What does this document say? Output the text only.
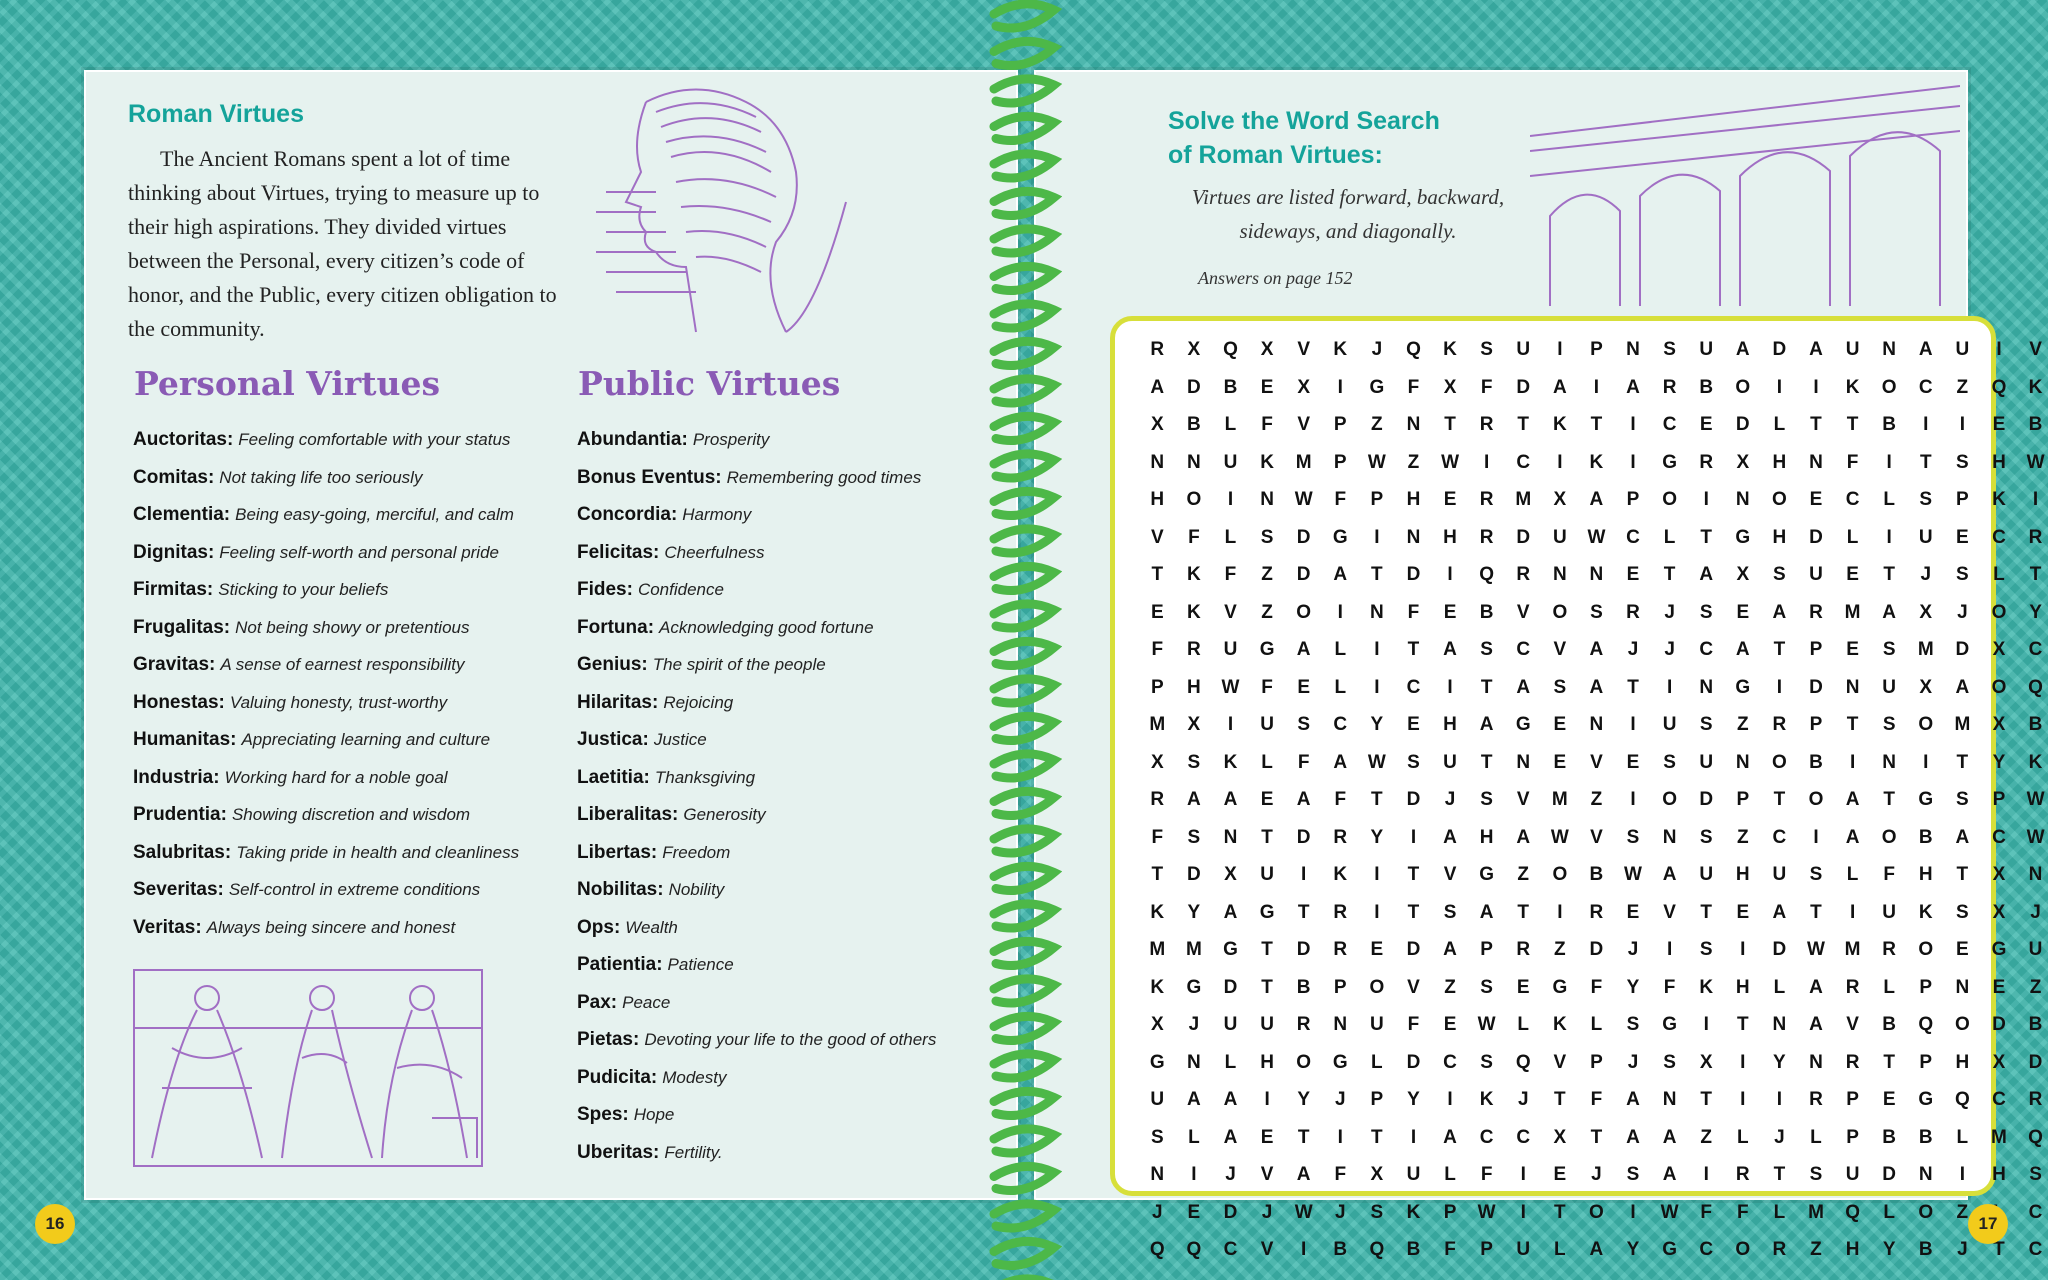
Roman Virtues

The Ancient Romans spent a lot of time thinking about Virtues, trying to measure up to their high aspirations. They divided virtues between the Personal, every citizen’s code of honor, and the Public, every citizen obligation to the community.

Personal Virtues
Auctoritas: Feeling comfortable with your status
Comitas: Not taking life too seriously
Clementia: Being easy-going, merciful, and calm
Dignitas: Feeling self-worth and personal pride
Firmitas: Sticking to your beliefs
Frugalitas: Not being showy or pretentious
Gravitas: A sense of earnest responsibility
Honestas: Valuing honesty, trust-worthy
Humanitas: Appreciating learning and culture
Industria: Working hard for a noble goal
Prudentia: Showing discretion and wisdom
Salubritas: Taking pride in health and cleanliness
Severitas: Self-control in extreme conditions
Veritas: Always being sincere and honest
Public Virtues
Abundantia: Prosperity
Bonus Eventus: Remembering good times
Concordia: Harmony
Felicitas: Cheerfulness
Fides: Confidence
Fortuna: Acknowledging good fortune
Genius: The spirit of the people
Hilaritas: Rejoicing
Justica: Justice
Laetitia: Thanksgiving
Liberalitas: Generosity
Libertas: Freedom
Nobilitas: Nobility
Ops: Wealth
Patientia: Patience
Pax: Peace
Pietas: Devoting your life to the good of others
Pudicita: Modesty
Spes: Hope
Uberitas: Fertility.
16
Solve the Word Search
of Roman Virtues:

Virtues are listed forward, backward, sideways, and diagonally.

Answers on page 152

R	X	Q	X	V	K	J	Q	K	S	U	I	P	N	S	U	A	D	A	U	N	A	U	I	V
A	D	B	E	X	I	G	F	X	F	D	A	I	A	R	B	O	I	I	K	O	C	Z	Q	K
X	B	L	F	V	P	Z	N	T	R	T	K	T	I	C	E	D	L	T	T	B	I	I	E	B
N	N	U	K	M	P	W	Z	W	I	C	I	K	I	G	R	X	H	N	F	I	T	S	H	W
H	O	I	N	W	F	P	H	E	R	M	X	A	P	O	I	N	O	E	C	L	S	P	K	I
V	F	L	S	D	G	I	N	H	R	D	U	W	C	L	T	G	H	D	L	I	U	E	C	R
T	K	F	Z	D	A	T	D	I	Q	R	N	N	E	T	A	X	S	U	E	T	J	S	L	T
E	K	V	Z	O	I	N	F	E	B	V	O	S	R	J	S	E	A	R	M	A	X	J	O	Y
F	R	U	G	A	L	I	T	A	S	C	V	A	J	J	C	A	T	P	E	S	M	D	X	C
P	H	W	F	E	L	I	C	I	T	A	S	A	T	I	N	G	I	D	N	U	X	A	O	Q
M	X	I	U	S	C	Y	E	H	A	G	E	N	I	U	S	Z	R	P	T	S	O	M	X	B
X	S	K	L	F	A	W	S	U	T	N	E	V	E	S	U	N	O	B	I	N	I	T	Y	K
R	A	A	E	A	F	T	D	J	S	V	M	Z	I	O	D	P	T	O	A	T	G	S	P	W
F	S	N	T	D	R	Y	I	A	H	A	W	V	S	N	S	Z	C	I	A	O	B	A	C	W
T	D	X	U	I	K	I	T	V	G	Z	O	B	W	A	U	H	U	S	L	F	H	T	X	N
K	Y	A	G	T	R	I	T	S	A	T	I	R	E	V	T	E	A	T	I	U	K	S	X	J
M	M	G	T	D	R	E	D	A	P	R	Z	D	J	I	S	I	D	W	M	R	O	E	G	U
K	G	D	T	B	P	O	V	Z	S	E	G	F	Y	F	K	H	L	A	R	L	P	N	E	Z
X	J	U	U	R	N	U	F	E	W	L	K	L	S	G	I	T	N	A	V	B	Q	O	D	B
G	N	L	H	O	G	L	D	C	S	Q	V	P	J	S	X	I	Y	N	R	T	P	H	X	D
U	A	A	I	Y	J	P	Y	I	K	J	T	F	A	N	T	I	I	R	P	E	G	Q	C	R
S	L	A	E	T	I	T	I	A	C	C	X	T	A	A	Z	L	J	L	P	B	B	L	M	Q
N	I	J	V	A	F	X	U	L	F	I	E	J	S	A	I	R	T	S	U	D	N	I	H	S
J	E	D	J	W	J	S	K	P	W	I	T	O	I	W	F	F	L	M	Q	L	O	Z	C
Q	Q	C	V	I	B	Q	B	F	P	U	L	A	Y	G	C	O	R	Z	H	Y	B	J	T	C
17
